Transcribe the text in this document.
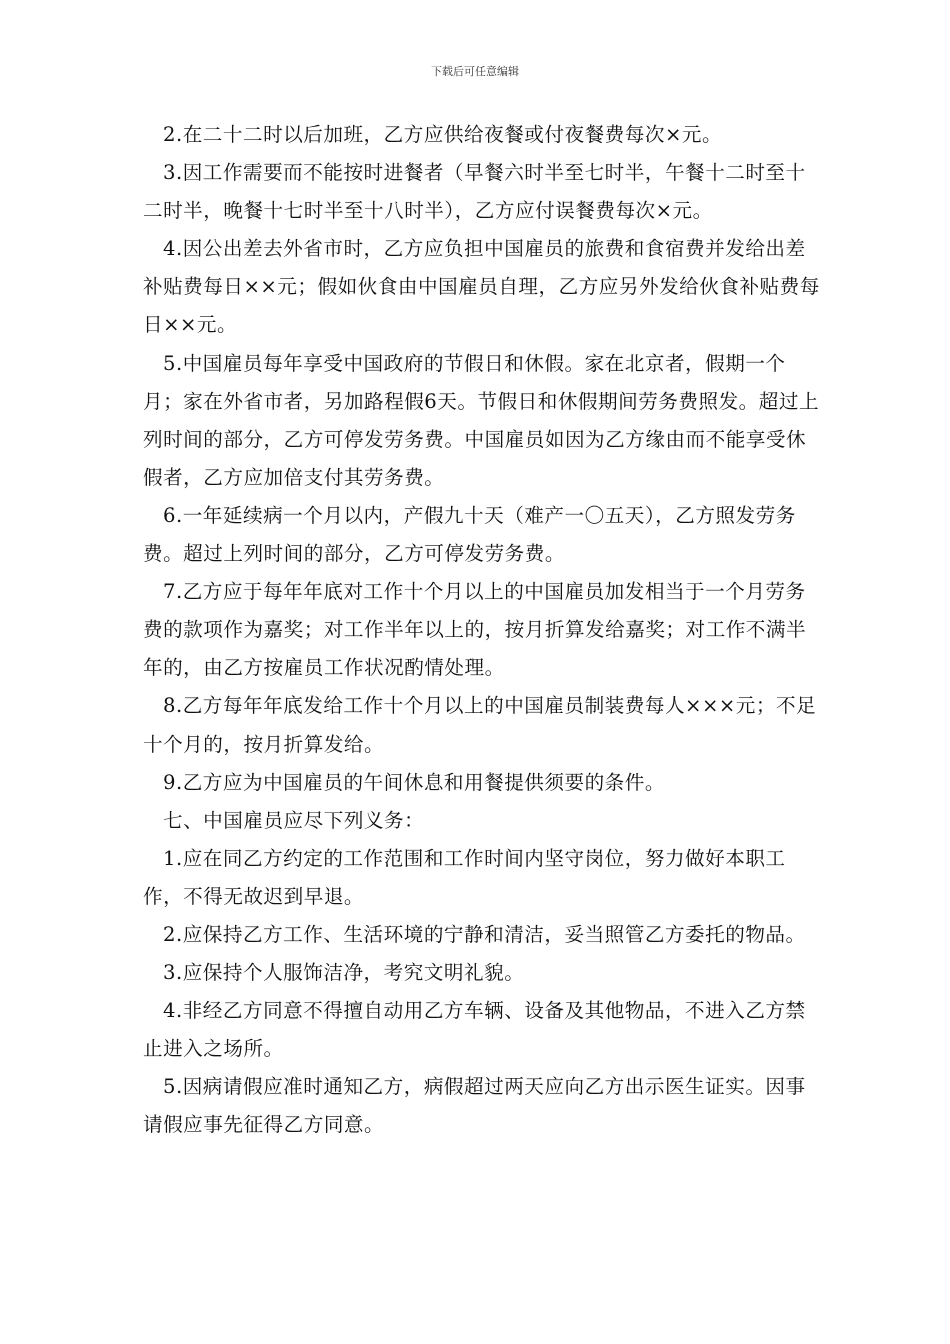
下载后可任意编辑

2.在二十二时以后加班，乙方应供给夜餐或付夜餐费每次×元。

3.因工作需要而不能按时进餐者（早餐六时半至七时半，午餐十二时至十二时半，晚餐十七时半至十八时半），乙方应付误餐费每次×元。

4.因公出差去外省市时，乙方应负担中国雇员的旅费和食宿费并发给出差补贴费每日××元；假如伙食由中国雇员自理，乙方应另外发给伙食补贴费每日××元。

5.中国雇员每年享受中国政府的节假日和休假。家在北京者，假期一个月；家在外省市者，另加路程假6天。节假日和休假期间劳务费照发。超过上列时间的部分，乙方可停发劳务费。中国雇员如因为乙方缘由而不能享受休假者，乙方应加倍支付其劳务费。

6.一年延续病一个月以内，产假九十天（难产一〇五天），乙方照发劳务费。超过上列时间的部分，乙方可停发劳务费。

7.乙方应于每年年底对工作十个月以上的中国雇员加发相当于一个月劳务费的款项作为嘉奖；对工作半年以上的，按月折算发给嘉奖；对工作不满半年的，由乙方按雇员工作状况酌情处理。

8.乙方每年年底发给工作十个月以上的中国雇员制装费每人×××元；不足十个月的，按月折算发给。

9.乙方应为中国雇员的午间休息和用餐提供须要的条件。

七、中国雇员应尽下列义务：

1.应在同乙方约定的工作范围和工作时间内坚守岗位，努力做好本职工作，不得无故迟到早退。

2.应保持乙方工作、生活环境的宁静和清洁，妥当照管乙方委托的物品。

3.应保持个人服饰洁净，考究文明礼貌。

4.非经乙方同意不得擅自动用乙方车辆、设备及其他物品，不进入乙方禁止进入之场所。

5.因病请假应准时通知乙方，病假超过两天应向乙方出示医生证实。因事请假应事先征得乙方同意。
